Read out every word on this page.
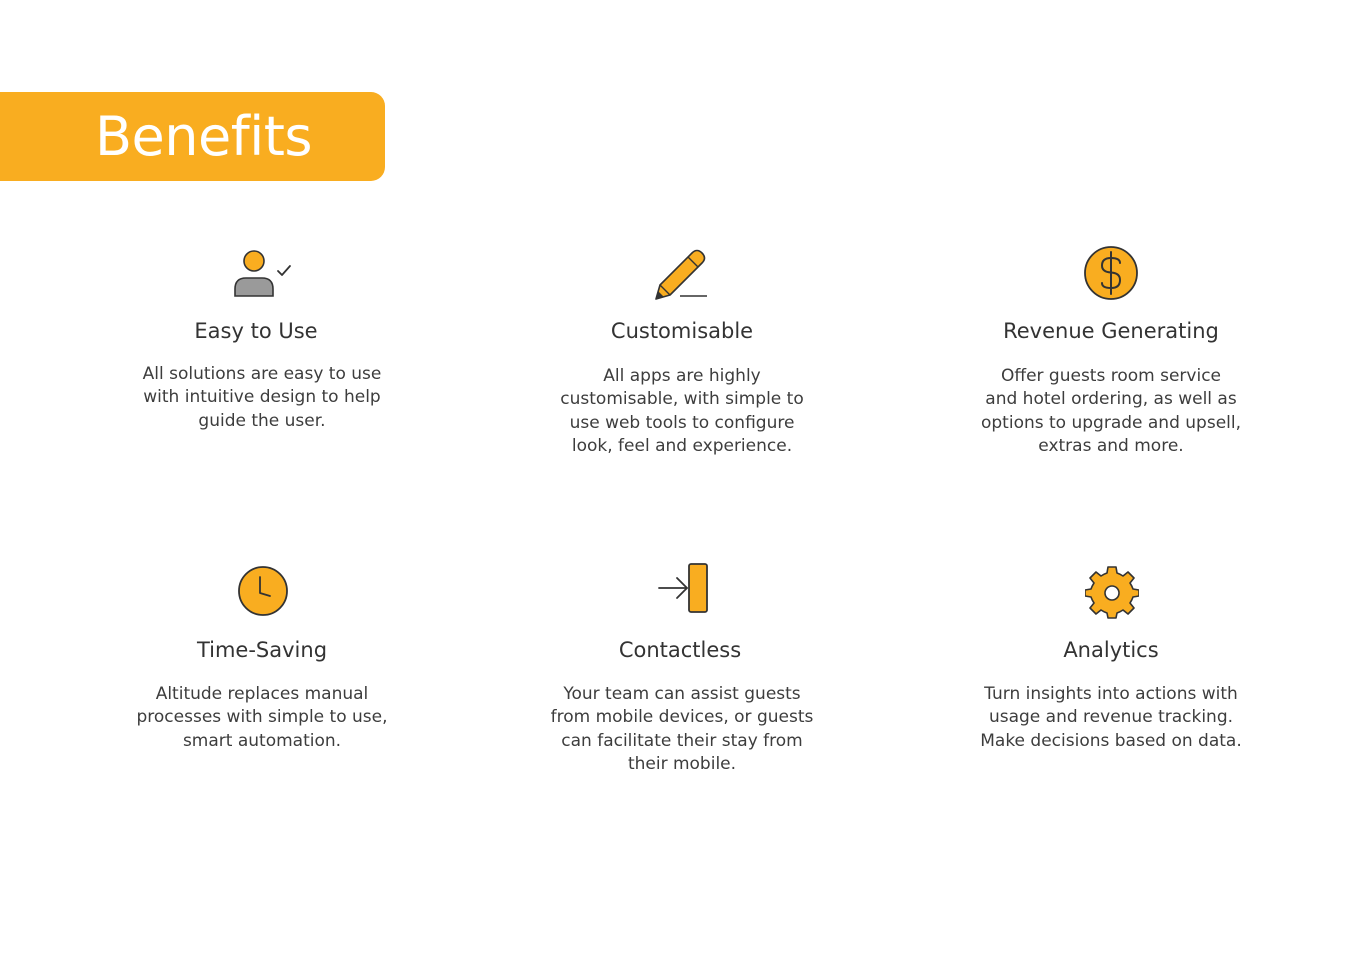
Benefits
Easy to Use

All solutions are easy to use
with intuitive design to help
guide the user.

Customisable

All apps are highly
customisable, with simple to
use web tools to configure
look, feel and experience.

Revenue Generating

Offer guests room service
and hotel ordering, as well as
options to upgrade and upsell,
extras and more.

Time-Saving

Altitude replaces manual
processes with simple to use,
smart automation.

Contactless

Your team can assist guests
from mobile devices, or guests
can facilitate their stay from
their mobile.

Analytics

Turn insights into actions with
usage and revenue tracking.
Make decisions based on data.
